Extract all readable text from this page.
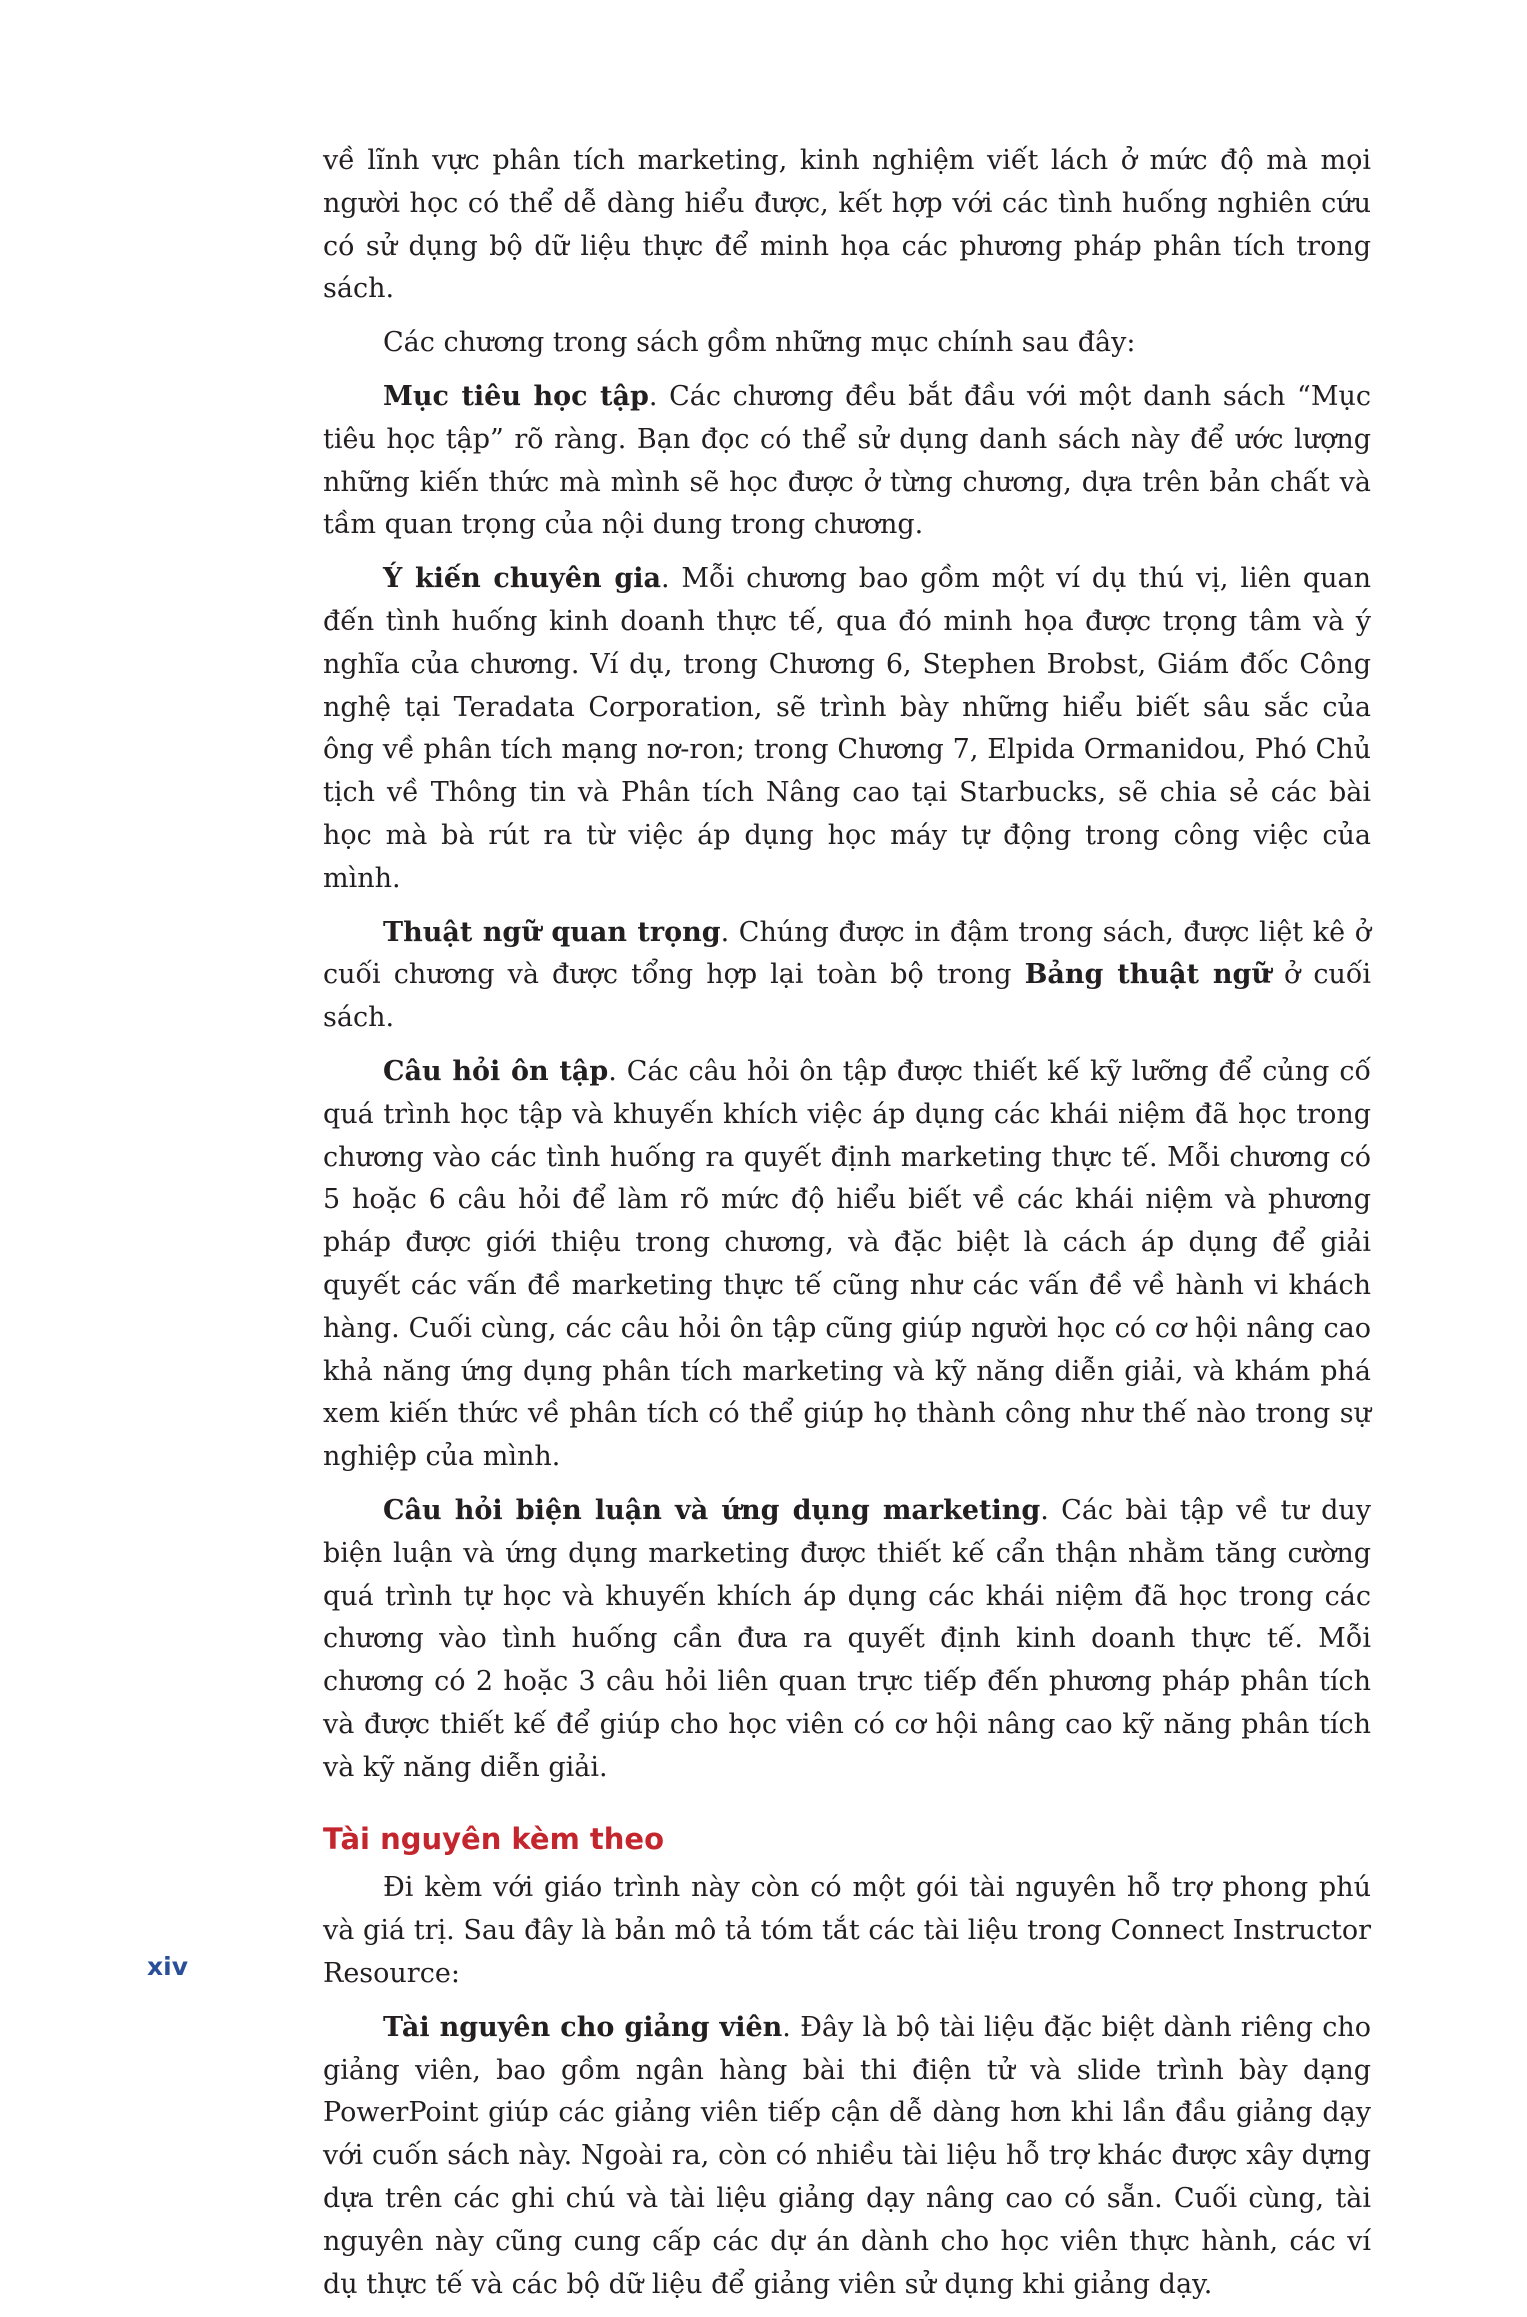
về lĩnh vực phân tích marketing, kinh nghiệm viết lách ở mức độ mà mọi người học có thể dễ dàng hiểu được, kết hợp với các tình huống nghiên cứu có sử dụng bộ dữ liệu thực để minh họa các phương pháp phân tích trong sách.

Các chương trong sách gồm những mục chính sau đây:

Mục tiêu học tập. Các chương đều bắt đầu với một danh sách “Mục tiêu học tập” rõ ràng. Bạn đọc có thể sử dụng danh sách này để ước lượng những kiến thức mà mình sẽ học được ở từng chương, dựa trên bản chất và tầm quan trọng của nội dung trong chương.

Ý kiến chuyên gia. Mỗi chương bao gồm một ví dụ thú vị, liên quan đến tình huống kinh doanh thực tế, qua đó minh họa được trọng tâm và ý nghĩa của chương. Ví dụ, trong Chương 6, Stephen Brobst, Giám đốc Công nghệ tại Teradata Corporation, sẽ trình bày những hiểu biết sâu sắc của ông về phân tích mạng nơ-ron; trong Chương 7, Elpida Ormanidou, Phó Chủ tịch về Thông tin và Phân tích Nâng cao tại Starbucks, sẽ chia sẻ các bài học mà bà rút ra từ việc áp dụng học máy tự động trong công việc của mình.

Thuật ngữ quan trọng. Chúng được in đậm trong sách, được liệt kê ở cuối chương và được tổng hợp lại toàn bộ trong Bảng thuật ngữ ở cuối sách.

Câu hỏi ôn tập. Các câu hỏi ôn tập được thiết kế kỹ lưỡng để củng cố quá trình học tập và khuyến khích việc áp dụng các khái niệm đã học trong chương vào các tình huống ra quyết định marketing thực tế. Mỗi chương có 5 hoặc 6 câu hỏi để làm rõ mức độ hiểu biết về các khái niệm và phương pháp được giới thiệu trong chương, và đặc biệt là cách áp dụng để giải quyết các vấn đề marketing thực tế cũng như các vấn đề về hành vi khách hàng. Cuối cùng, các câu hỏi ôn tập cũng giúp người học có cơ hội nâng cao khả năng ứng dụng phân tích marketing và kỹ năng diễn giải, và khám phá xem kiến thức về phân tích có thể giúp họ thành công như thế nào trong sự nghiệp của mình.

Câu hỏi biện luận và ứng dụng marketing. Các bài tập về tư duy biện luận và ứng dụng marketing được thiết kế cẩn thận nhằm tăng cường quá trình tự học và khuyến khích áp dụng các khái niệm đã học trong các chương vào tình huống cần đưa ra quyết định kinh doanh thực tế. Mỗi chương có 2 hoặc 3 câu hỏi liên quan trực tiếp đến phương pháp phân tích và được thiết kế để giúp cho học viên có cơ hội nâng cao kỹ năng phân tích và kỹ năng diễn giải.

Tài nguyên kèm theo

Đi kèm với giáo trình này còn có một gói tài nguyên hỗ trợ phong phú và giá trị. Sau đây là bản mô tả tóm tắt các tài liệu trong Connect Instructor Resource:

Tài nguyên cho giảng viên. Đây là bộ tài liệu đặc biệt dành riêng cho giảng viên, bao gồm ngân hàng bài thi điện tử và slide trình bày dạng PowerPoint giúp các giảng viên tiếp cận dễ dàng hơn khi lần đầu giảng dạy với cuốn sách này. Ngoài ra, còn có nhiều tài liệu hỗ trợ khác được xây dựng dựa trên các ghi chú và tài liệu giảng dạy nâng cao có sẵn. Cuối cùng, tài nguyên này cũng cung cấp các dự án dành cho học viên thực hành, các ví dụ thực tế và các bộ dữ liệu để giảng viên sử dụng khi giảng dạy.

xiv
